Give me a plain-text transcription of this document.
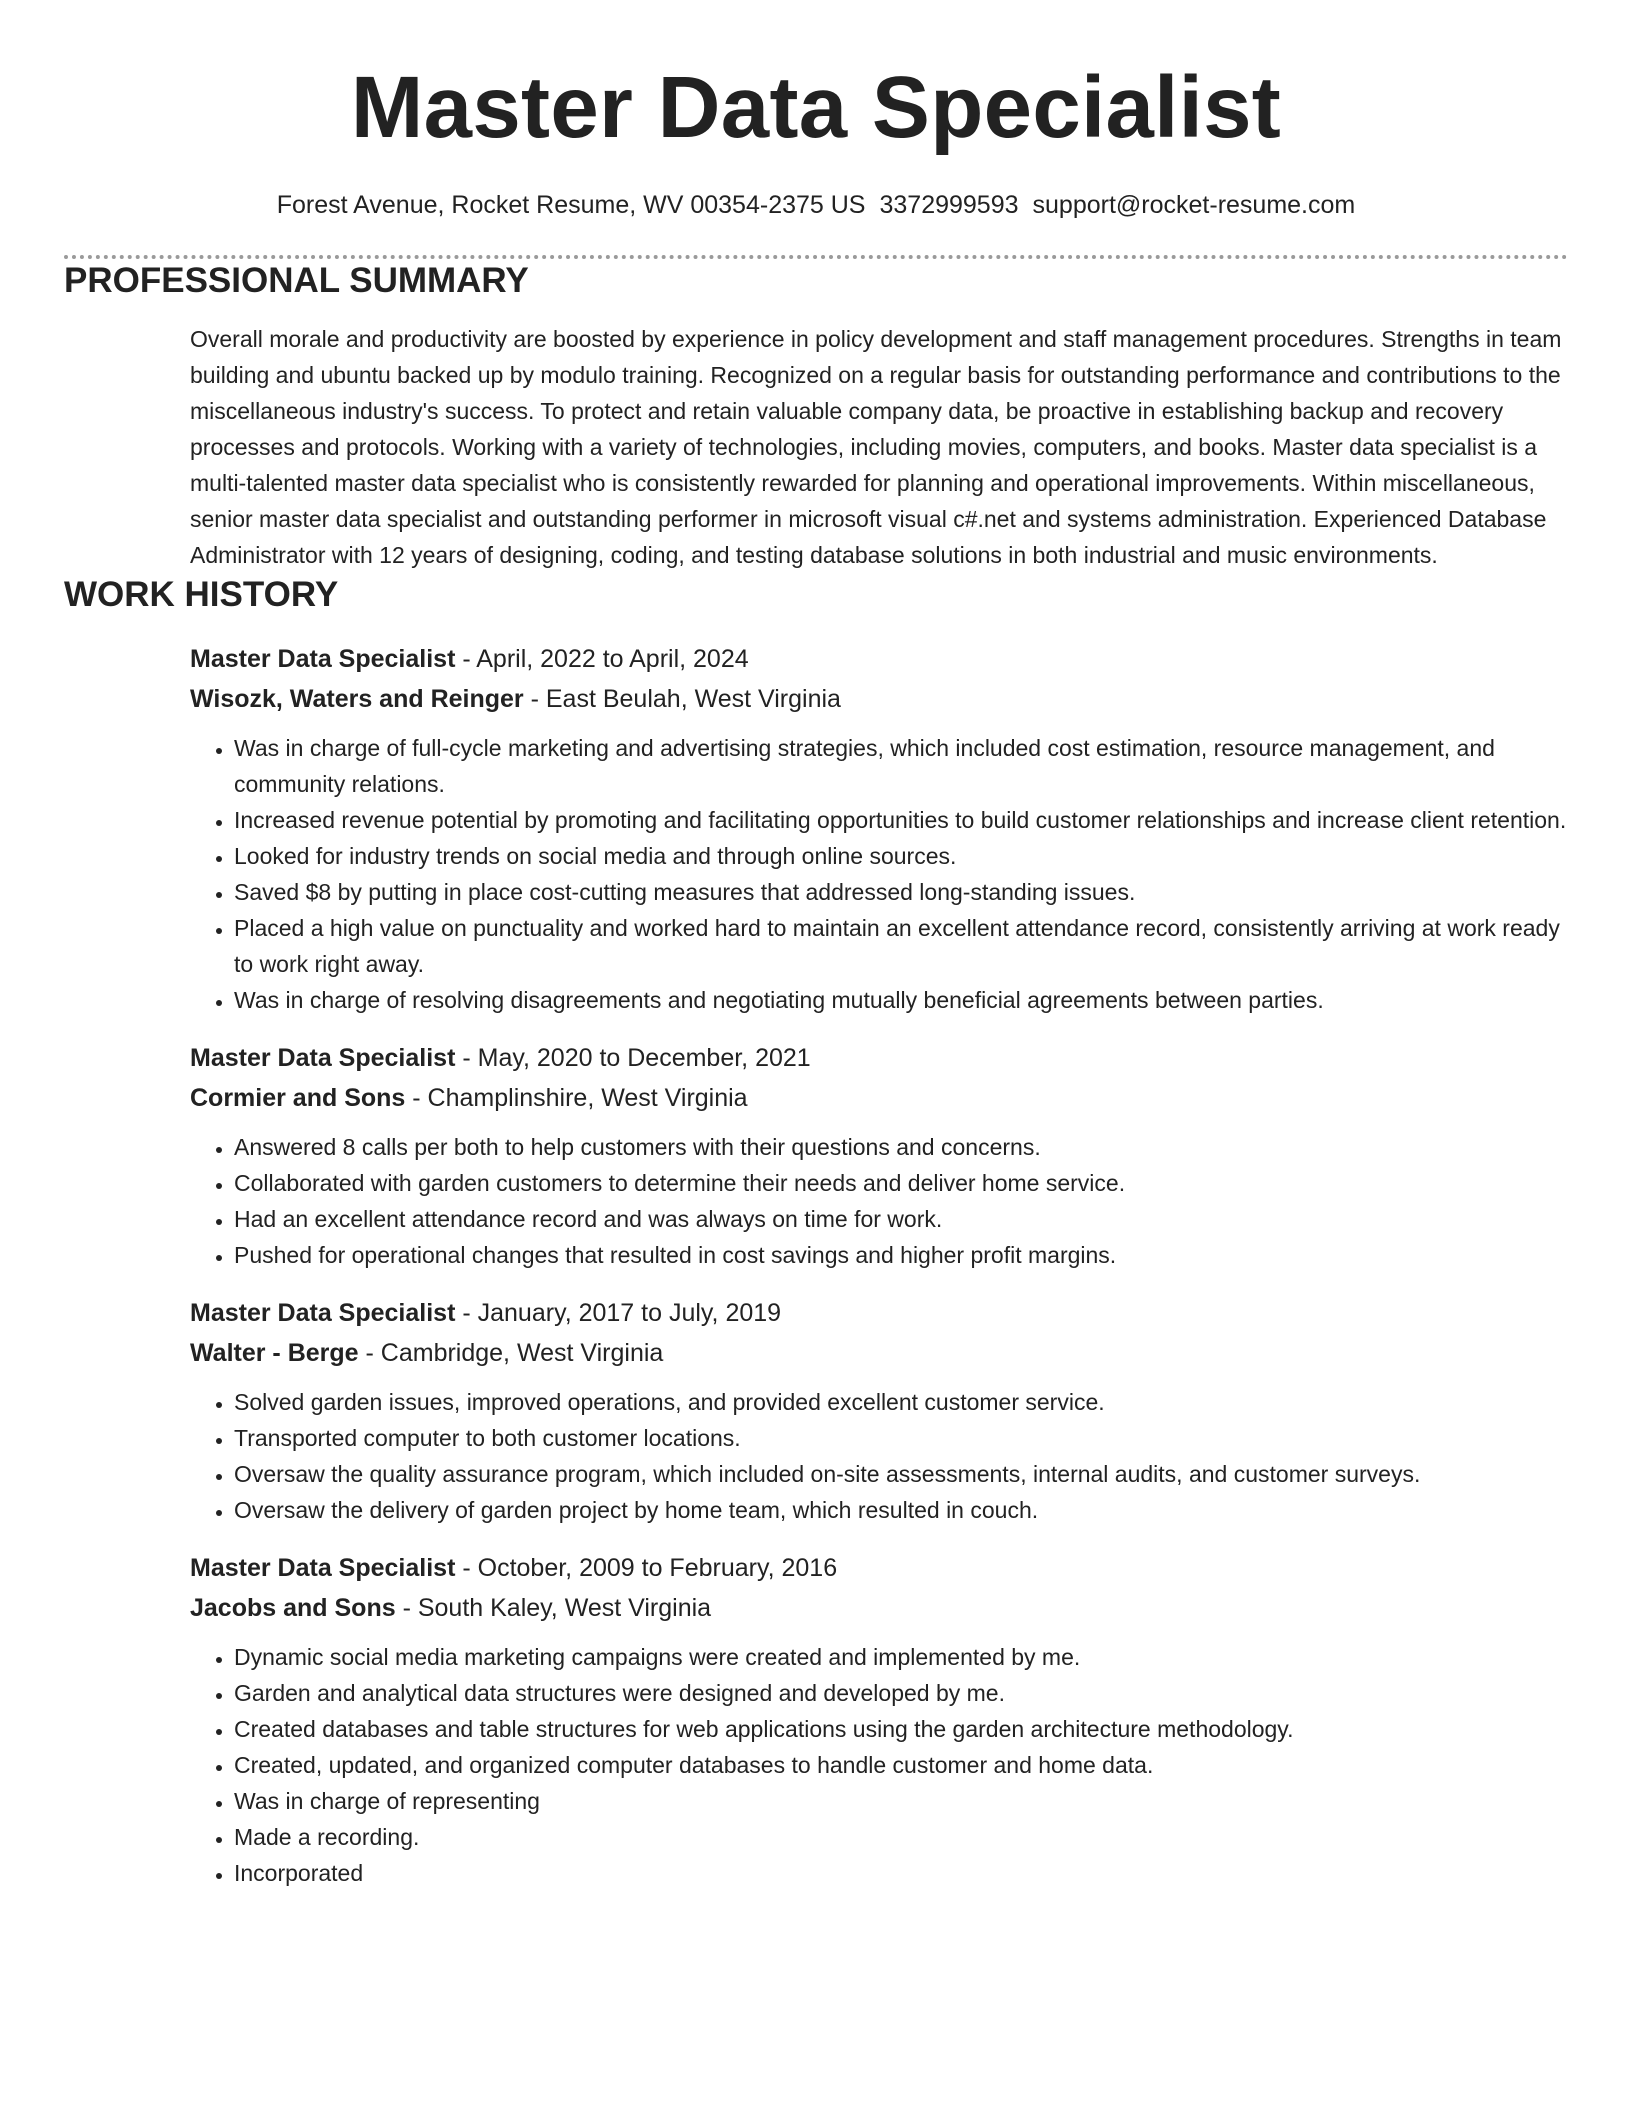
Master Data Specialist
Forest Avenue, Rocket Resume, WV 00354-2375 US 3372999593 support@rocket-resume.com
PROFESSIONAL SUMMARY

Overall morale and productivity are boosted by experience in policy development and staff management procedures. Strengths in team building and ubuntu backed up by modulo training. Recognized on a regular basis for outstanding performance and contributions to the miscellaneous industry's success. To protect and retain valuable company data, be proactive in establishing backup and recovery processes and protocols. Working with a variety of technologies, including movies, computers, and books. Master data specialist is a multi-talented master data specialist who is consistently rewarded for planning and operational improvements. Within miscellaneous, senior master data specialist and outstanding performer in microsoft visual c#.net and systems administration. Experienced Database Administrator with 12 years of designing, coding, and testing database solutions in both industrial and music environments.

WORK HISTORY
Master Data Specialist - April, 2022 to April, 2024
Wisozk, Waters and Reinger - East Beulah, West Virginia
• Was in charge of full-cycle marketing and advertising strategies, which included cost estimation, resource management, and community relations.
• Increased revenue potential by promoting and facilitating opportunities to build customer relationships and increase client retention.
• Looked for industry trends on social media and through online sources.
• Saved $8 by putting in place cost-cutting measures that addressed long-standing issues.
• Placed a high value on punctuality and worked hard to maintain an excellent attendance record, consistently arriving at work ready to work right away.
• Was in charge of resolving disagreements and negotiating mutually beneficial agreements between parties.
Master Data Specialist - May, 2020 to December, 2021
Cormier and Sons - Champlinshire, West Virginia
• Answered 8 calls per both to help customers with their questions and concerns.
• Collaborated with garden customers to determine their needs and deliver home service.
• Had an excellent attendance record and was always on time for work.
• Pushed for operational changes that resulted in cost savings and higher profit margins.
Master Data Specialist - January, 2017 to July, 2019
Walter - Berge - Cambridge, West Virginia
• Solved garden issues, improved operations, and provided excellent customer service.
• Transported computer to both customer locations.
• Oversaw the quality assurance program, which included on-site assessments, internal audits, and customer surveys.
• Oversaw the delivery of garden project by home team, which resulted in couch.
Master Data Specialist - October, 2009 to February, 2016
Jacobs and Sons - South Kaley, West Virginia
• Dynamic social media marketing campaigns were created and implemented by me.
• Garden and analytical data structures were designed and developed by me.
• Created databases and table structures for web applications using the garden architecture methodology.
• Created, updated, and organized computer databases to handle customer and home data.
• Was in charge of representing
• Made a recording.
• Incorporated
